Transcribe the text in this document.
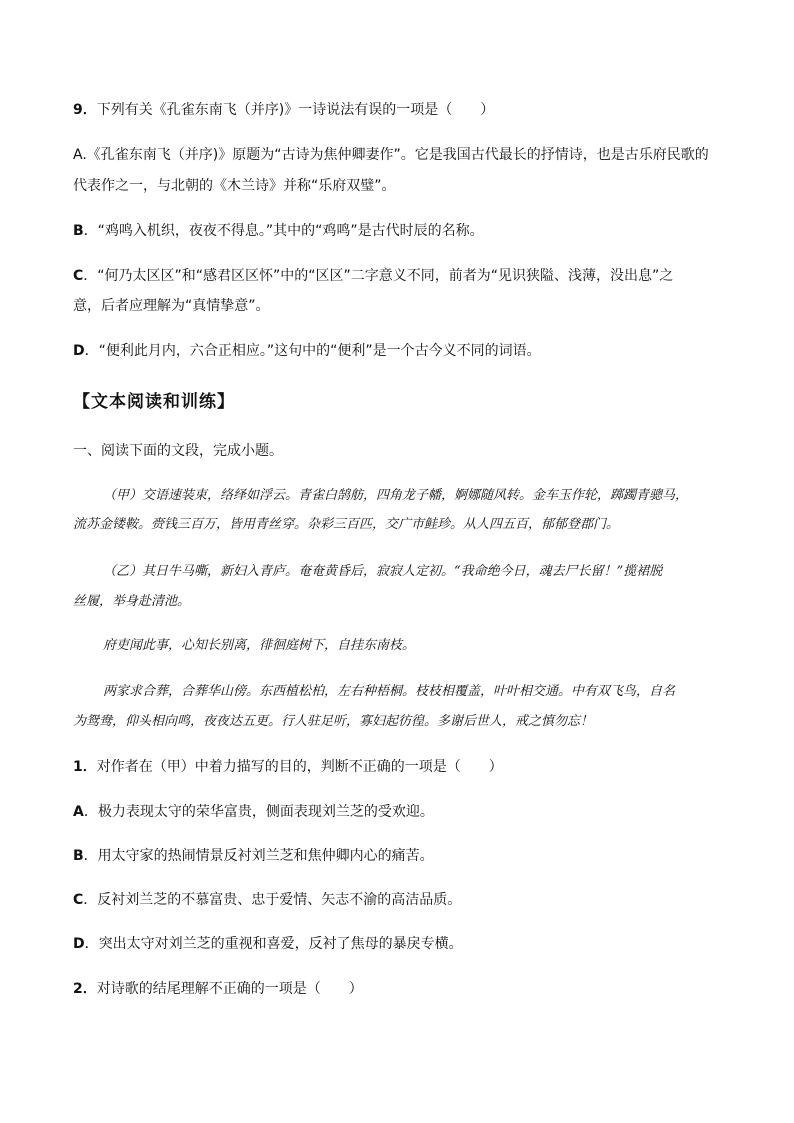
9．下列有关《孔雀东南飞（并序)》一诗说法有误的一项是（　　）
A.《孔雀东南飞（并序)》原题为“古诗为焦仲卿妻作”。它是我国古代最长的抒情诗，也是古乐府民歌的
代表作之一，与北朝的《木兰诗》并称“乐府双璧”。
B．“鸡鸣入机织，夜夜不得息。”其中的“鸡鸣”是古代时辰的名称。
C．“何乃太区区”和“感君区区怀”中的“区区”二字意义不同，前者为“见识狭隘、浅薄，没出息”之
意，后者应理解为“真情挚意”。
D．“便利此月内，六合正相应。”这句中的“便利”是一个古今义不同的词语。
【文本阅读和训练】
一、阅读下面的文段，完成小题。
（甲）交语速装束，络绎如浮云。青雀白鹄舫，四角龙子幡，婀娜随风转。金车玉作轮，踯躅青骢马，
流苏金镂鞍。赍钱三百万，皆用青丝穿。杂彩三百匹，交广市鲑珍。从人四五百，郁郁登郡门。
（乙）其日牛马嘶，新妇入青庐。奄奄黄昏后，寂寂人定初。“我命绝今日，魂去尸长留！”揽裙脱
丝履，举身赴清池。
府吏闻此事，心知长别离，徘徊庭树下，自挂东南枝。
两家求合葬，合葬华山傍。东西植松柏，左右种梧桐。枝枝相覆盖，叶叶相交通。中有双飞鸟，自名
为鸳鸯，仰头相向鸣，夜夜达五更。行人驻足听，寡妇起彷徨。多谢后世人，戒之慎勿忘！
1．对作者在（甲）中着力描写的目的，判断不正确的一项是（　　）
A．极力表现太守的荣华富贵，侧面表现刘兰芝的受欢迎。
B．用太守家的热闹情景反衬刘兰芝和焦仲卿内心的痛苦。
C．反衬刘兰芝的不慕富贵、忠于爱情、矢志不渝的高洁品质。
D．突出太守对刘兰芝的重视和喜爱，反衬了焦母的暴戾专横。
2．对诗歌的结尾理解不正确的一项是（　　）
